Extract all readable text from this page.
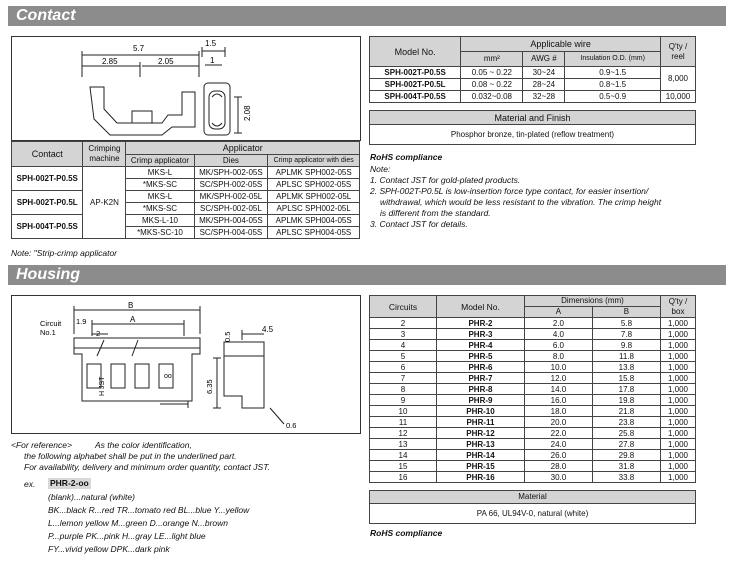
Contact
5.7
2.85	2.05
1.5
1
2.08
Contact	Crimping machine	Applicator		
		Crimp applicator	Dies	Crimp applicator with dies
SPH-002T-P0.5S	AP-K2N	MKS-L	MK/SPH-002-05S	APLMK SPH002-05S
		*MKS-SC	SC/SPH-002-05S	APLSC SPH002-05S
SPH-002T-P0.5L		MKS-L	MK/SPH-002-05L	APLMK SPH002-05L
		*MKS-SC	SC/SPH-002-05L	APLSC SPH002-05L
SPH-004T-P0.5S		MKS-L-10	MK/SPH-004-05S	APLMK SPH004-05S
		*MKS-SC-10	SC/SPH-004-05S	APLSC SPH004-05S
Note: "Strip-crimp applicator
Model No.	Applicable wire			Q'ty / reel
	mm²	AWG #	Insulation O.D. (mm)	
SPH-002T-P0.5S	0.05 ~ 0.22	30~24	0.9~1.5	8,000
SPH-002T-P0.5L	0.08 ~ 0.22	28~24	0.8~1.5	
SPH-004T-P0.5S	0.032~0.08	32~28	0.5~0.9	10,000

Material and Finish				
Phosphor bronze, tin-plated (reflow treatment)				
RoHS compliance
Note:
1. Contact JST for gold-plated products.
2. SPH-002T-P0.5L is low-insertion force type contact, for easier insertion/
withdrawal, which would be less resistant to the vibration. The crimp height
is different from the standard.
3. Contact JST for details.
Housing
Circuit
No.1
1.9
2
B
A
4.5
0.5
6.35
0.6
H JST
oo
<For reference>	As the color identification,
the following alphabet shall be put in the underlined part.
For availability, delivery and minimum order quantity, contact JST.
ex. PHR-2-oo
(blank)...natural (white)
BK...black R...red TR...tomato red BL...blue Y...yellow
L...lemon yellow M...green D...orange N...brown
P...purple PK...pink H...gray LE...light blue
FY...vivid yellow DPK...dark pink
Circuits	Model No.	Dimensions (mm)		Q'ty / box
		A	B	
2	PHR-2	2.0	5.8	1,000
3	PHR-3	4.0	7.8	1,000
4	PHR-4	6.0	9.8	1,000
5	PHR-5	8.0	11.8	1,000
6	PHR-6	10.0	13.8	1,000
7	PHR-7	12.0	15.8	1,000
8	PHR-8	14.0	17.8	1,000
9	PHR-9	16.0	19.8	1,000
10	PHR-10	18.0	21.8	1,000
11	PHR-11	20.0	23.8	1,000
12	PHR-12	22.0	25.8	1,000
13	PHR-13	24.0	27.8	1,000
14	PHR-14	26.0	29.8	1,000
15	PHR-15	28.0	31.8	1,000
16	PHR-16	30.0	33.8	1,000

Material				
PA 66, UL94V-0, natural (white)				
RoHS compliance
